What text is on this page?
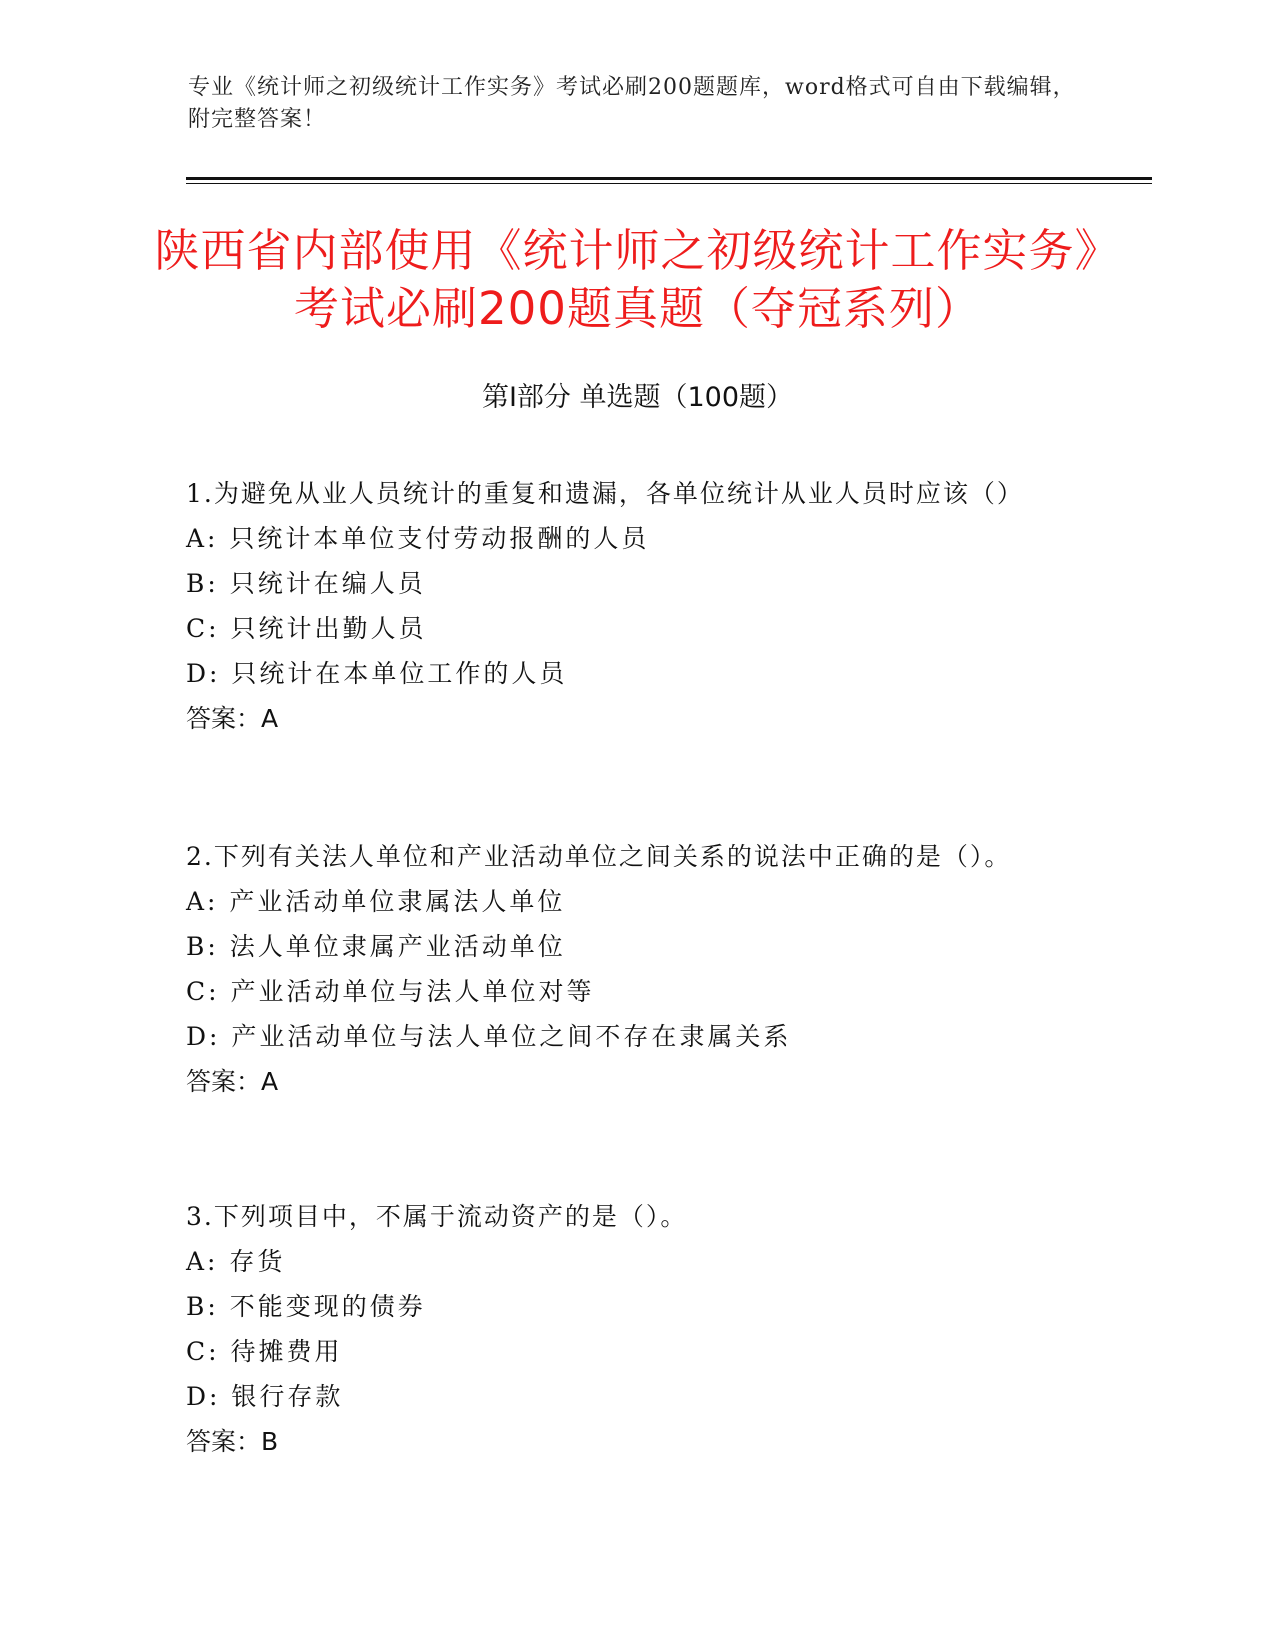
专业《统计师之初级统计工作实务》考试必刷200题题库，word格式可自由下载编辑，附完整答案！
陕西省内部使用《统计师之初级统计工作实务》考试必刷200题真题（夺冠系列）
第Ⅰ部分 单选题（100题）

1.为避免从业人员统计的重复和遗漏，各单位统计从业人员时应该（）

A: 只统计本单位支付劳动报酬的人员

B: 只统计在编人员

C: 只统计出勤人员

D: 只统计在本单位工作的人员

答案：A

2.下列有关法人单位和产业活动单位之间关系的说法中正确的是（）。

A: 产业活动单位隶属法人单位

B: 法人单位隶属产业活动单位

C: 产业活动单位与法人单位对等

D: 产业活动单位与法人单位之间不存在隶属关系

答案：A

3.下列项目中，不属于流动资产的是（）。

A: 存货

B: 不能变现的债券

C: 待摊费用

D: 银行存款

答案：B
